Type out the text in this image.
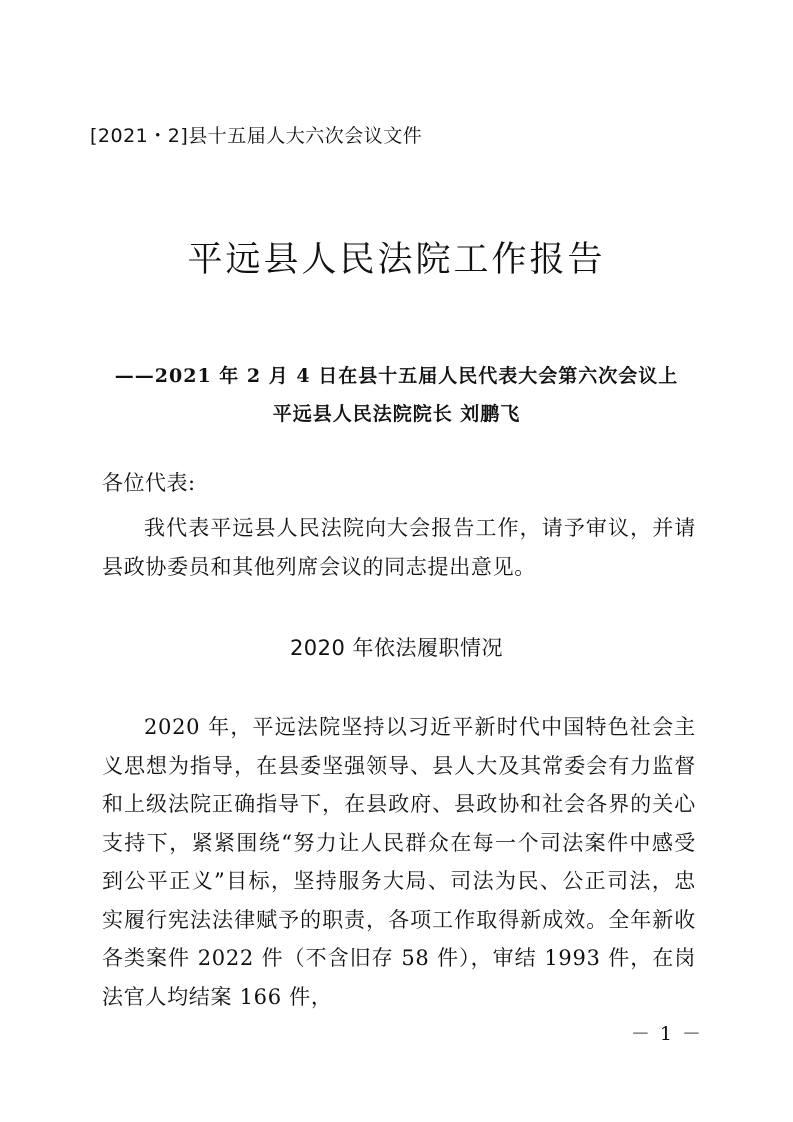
[2021・2]县十五届人大六次会议文件
平远县人民法院工作报告
——2021 年 2 月 4 日在县十五届人民代表大会第六次会议上
平远县人民法院院长 刘鹏飞
各位代表:
我代表平远县人民法院向大会报告工作，请予审议，并请县政协委员和其他列席会议的同志提出意见。
2020 年依法履职情况
2020 年，平远法院坚持以习近平新时代中国特色社会主义思想为指导，在县委坚强领导、县人大及其常委会有力监督和上级法院正确指导下，在县政府、县政协和社会各界的关心支持下，紧紧围绕“努力让人民群众在每一个司法案件中感受到公平正义”目标，坚持服务大局、司法为民、公正司法，忠实履行宪法法律赋予的职责，各项工作取得新成效。全年新收各类案件 2022 件（不含旧存 58 件），审结 1993 件，在岗法官人均结案 166 件，
－ 1 －
